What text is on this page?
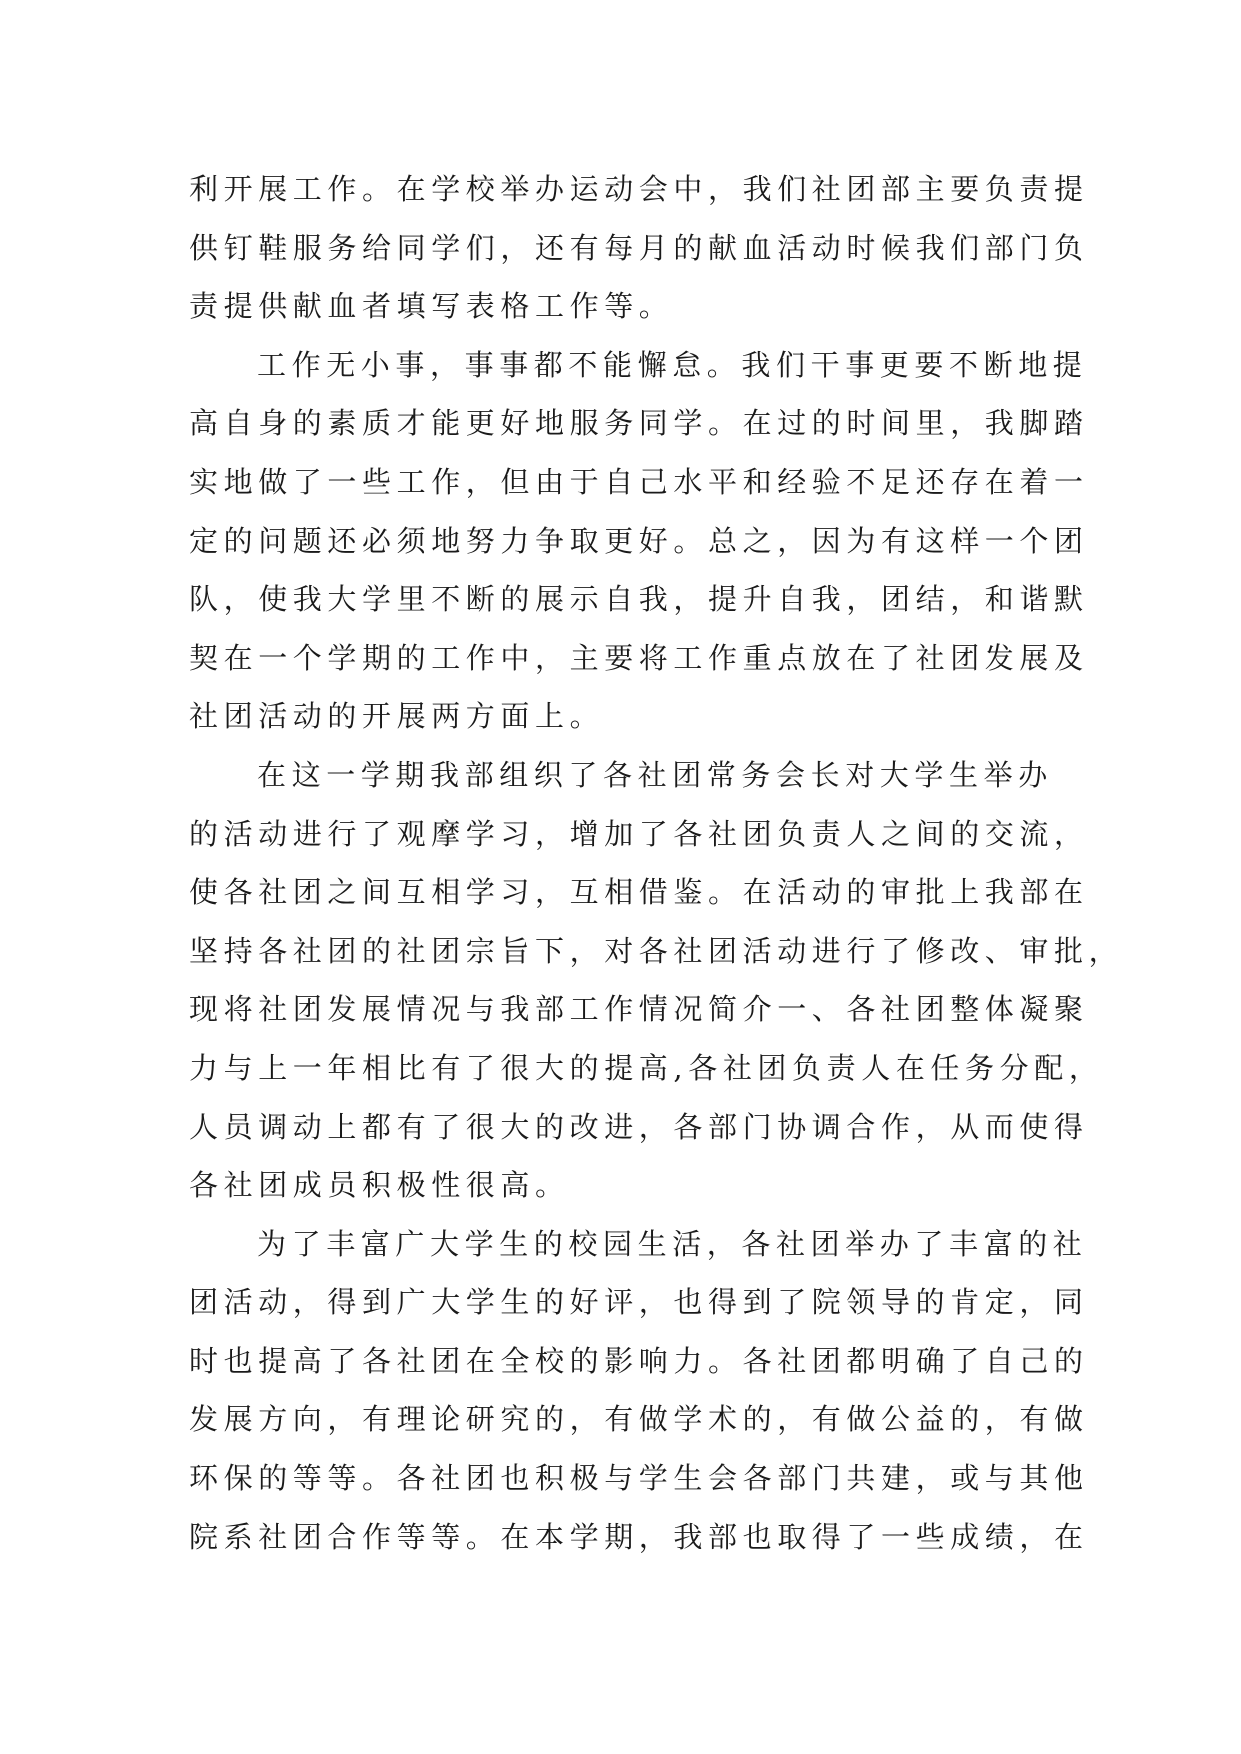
利开展工作。在学校举办运动会中，我们社团部主要负责提
供钉鞋服务给同学们，还有每月的献血活动时候我们部门负
责提供献血者填写表格工作等。
工作无小事，事事都不能懈怠。我们干事更要不断地提
高自身的素质才能更好地服务同学。在过的时间里，我脚踏
实地做了一些工作，但由于自己水平和经验不足还存在着一
定的问题还必须地努力争取更好。总之，因为有这样一个团
队，使我大学里不断的展示自我，提升自我，团结，和谐默
契在一个学期的工作中，主要将工作重点放在了社团发展及
社团活动的开展两方面上。
在这一学期我部组织了各社团常务会长对大学生举办
的活动进行了观摩学习，增加了各社团负责人之间的交流，
使各社团之间互相学习，互相借鉴。在活动的审批上我部在
坚持各社团的社团宗旨下，对各社团活动进行了修改、审批，
现将社团发展情况与我部工作情况简介一、各社团整体凝聚
力与上一年相比有了很大的提高,各社团负责人在任务分配，
人员调动上都有了很大的改进，各部门协调合作，从而使得
各社团成员积极性很高。
为了丰富广大学生的校园生活，各社团举办了丰富的社
团活动，得到广大学生的好评，也得到了院领导的肯定，同
时也提高了各社团在全校的影响力。各社团都明确了自己的
发展方向，有理论研究的，有做学术的，有做公益的，有做
环保的等等。各社团也积极与学生会各部门共建，或与其他
院系社团合作等等。在本学期，我部也取得了一些成绩，在
